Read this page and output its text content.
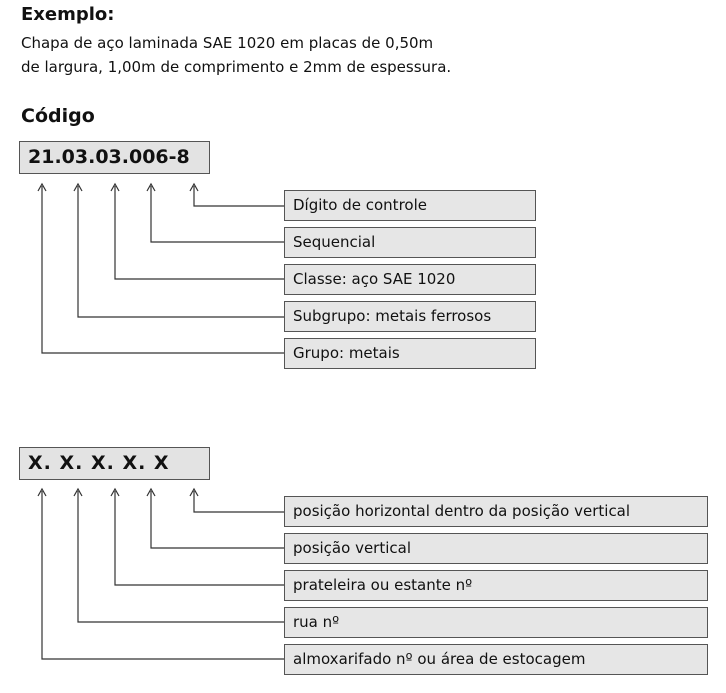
Exemplo:
Chapa de aço laminada SAE 1020 em placas de 0,50m
de largura, 1,00m de comprimento e 2mm de espessura.
Código
21.03.03.006-8
Dígito de controle
Sequencial
Classe: aço SAE 1020
Subgrupo: metais ferrosos
Grupo: metais
X. X. X. X. X
posição horizontal dentro da posição vertical
posição vertical
prateleira ou estante nº
rua nº
almoxarifado nº ou área de estocagem
